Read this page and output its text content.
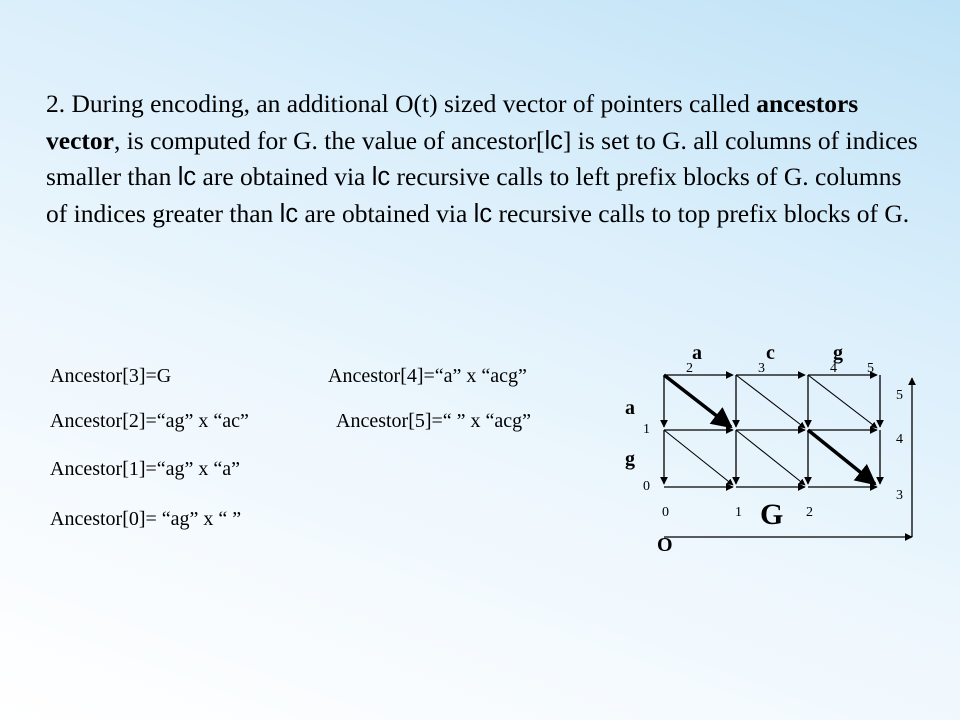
2. During encoding, an additional O(t) sized vector of pointers called ancestors vector, is computed for G. the value of ancestor[lc] is set to G. all columns of indices smaller than lc are obtained via lc recursive calls to left prefix blocks of G. columns of indices greater than lc are obtained via lc recursive calls to top prefix blocks of G.
Ancestor[3]=G	Ancestor[4]=“a” x “acg”
Ancestor[2]=“ag” x “ac”	Ancestor[5]=“ ” x “acg”
Ancestor[1]=“ag” x “a”
Ancestor[0]= “ag” x “ ”
a	c	g
2	3	4 5
a
g
1
0
0	1	2
5
4
3
G
O
